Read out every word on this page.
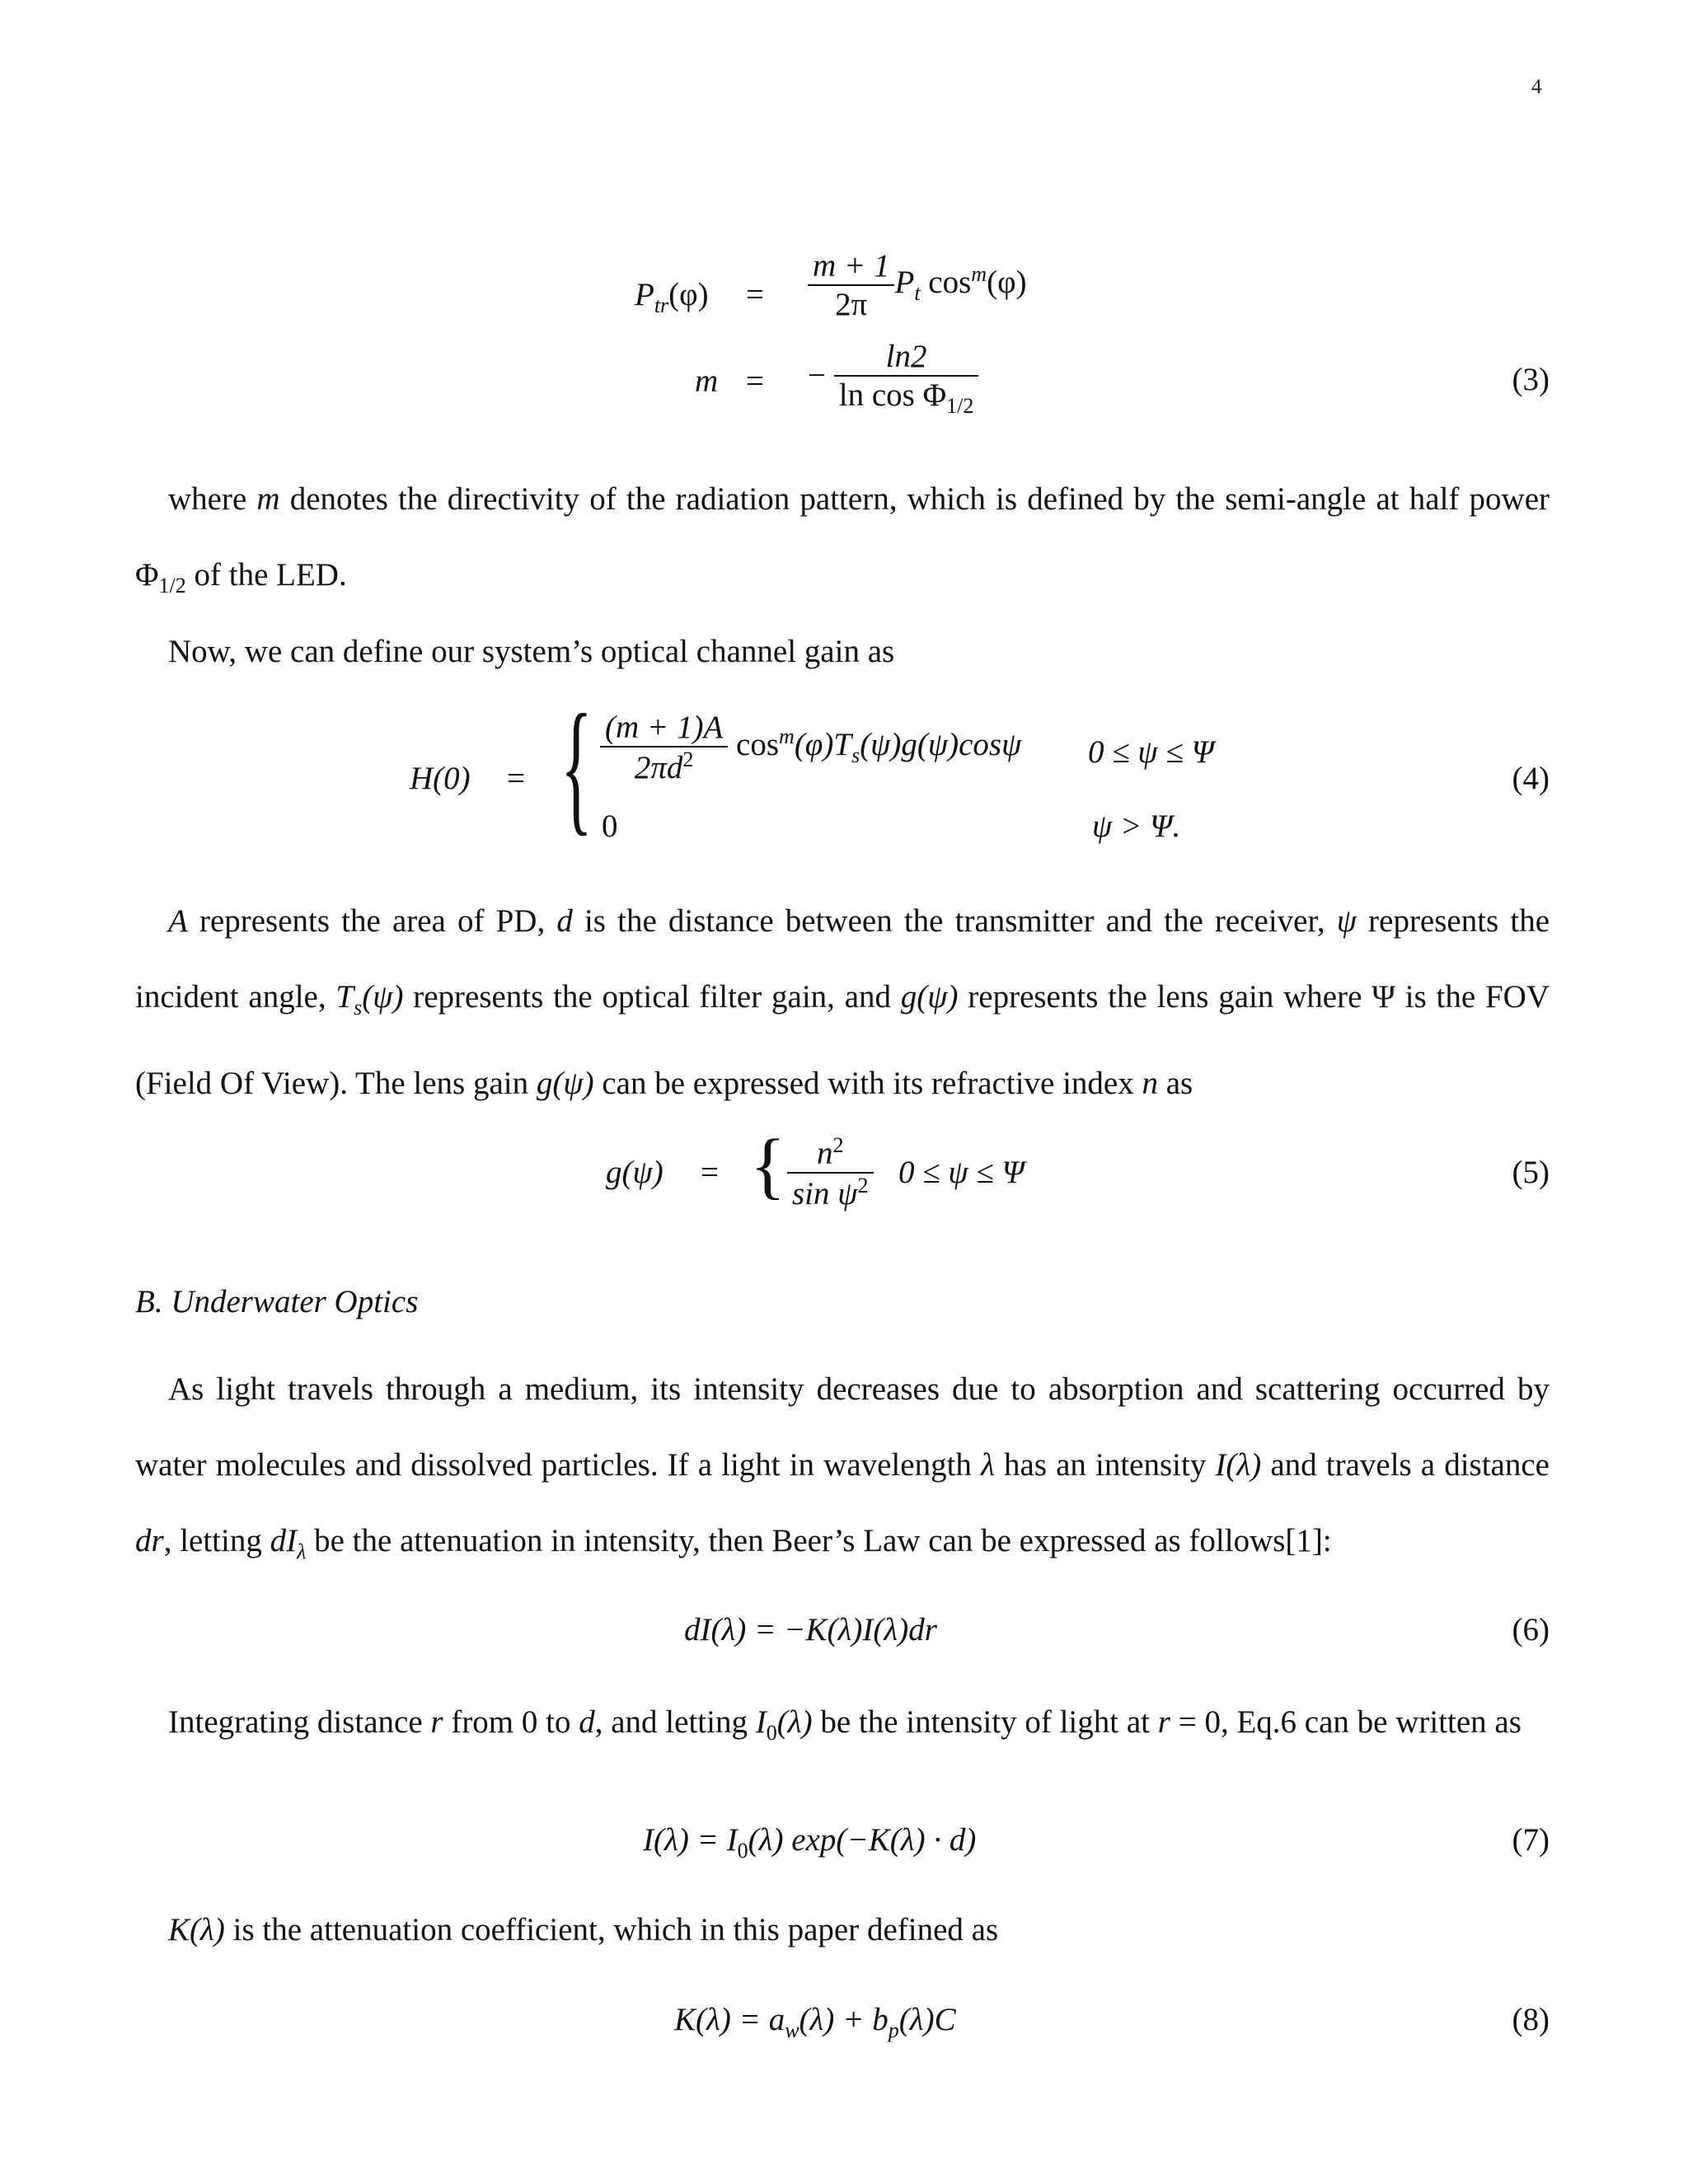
4
$P_{tr}(\varphi) = \frac{m + 1}{2\pi} P_t$ $\cos^m(\varphi)$
m = − $\frac{\ln 2}{\ln \cos \Phi_{1/2}}$	(3)
where m denotes the directivity of the radiation pattern, which is defined by the semi-angle at half power $\Phi_{1/2}$ of the LED.
Now, we can define our system’s optical channel gain as
H(0) = { $\frac{(m + 1)A}{2\pi d^2} \cos^m(\varphi)T_s(\psi)g(\psi)\cos\psi$ 0 ≤ ψ ≤ Ψ
0	ψ > Ψ.
(4)
A represents the area of PD, d is the distance between the transmitter and the receiver, ψ represents the incident angle, $T_s(\psi)$ represents the optical filter gain, and g(ψ) represents the lens gain where Ψ is the FOV (Field Of View). The lens gain g(ψ) can be expressed with its refractive index n as
g(ψ) = { $\frac{n^2}{\sin \psi^2} 0 \le \psi \le \Psi$	(5)
B. Underwater Optics
As light travels through a medium, its intensity decreases due to absorption and scattering occurred by water molecules and dissolved particles. If a light in wavelength λ has an intensity I(λ) and travels a distance dr, letting $dI_\lambda$ be the attenuation in intensity, then Beer’s Law can be expressed as follows[1]:
dI(λ) = −K(λ)I(λ)dr	(6)
Integrating distance r from 0 to d, and letting $I_0(\lambda)$ be the intensity of light at r = 0, Eq.6 can be written as
$I(\lambda) = I_0(\lambda) \exp(-K(\lambda) \cdot d)$	(7)
K(λ) is the attenuation coefficient, which in this paper defined as
$K(\lambda) = a_w(\lambda) + b_p(\lambda)C$	(8)
